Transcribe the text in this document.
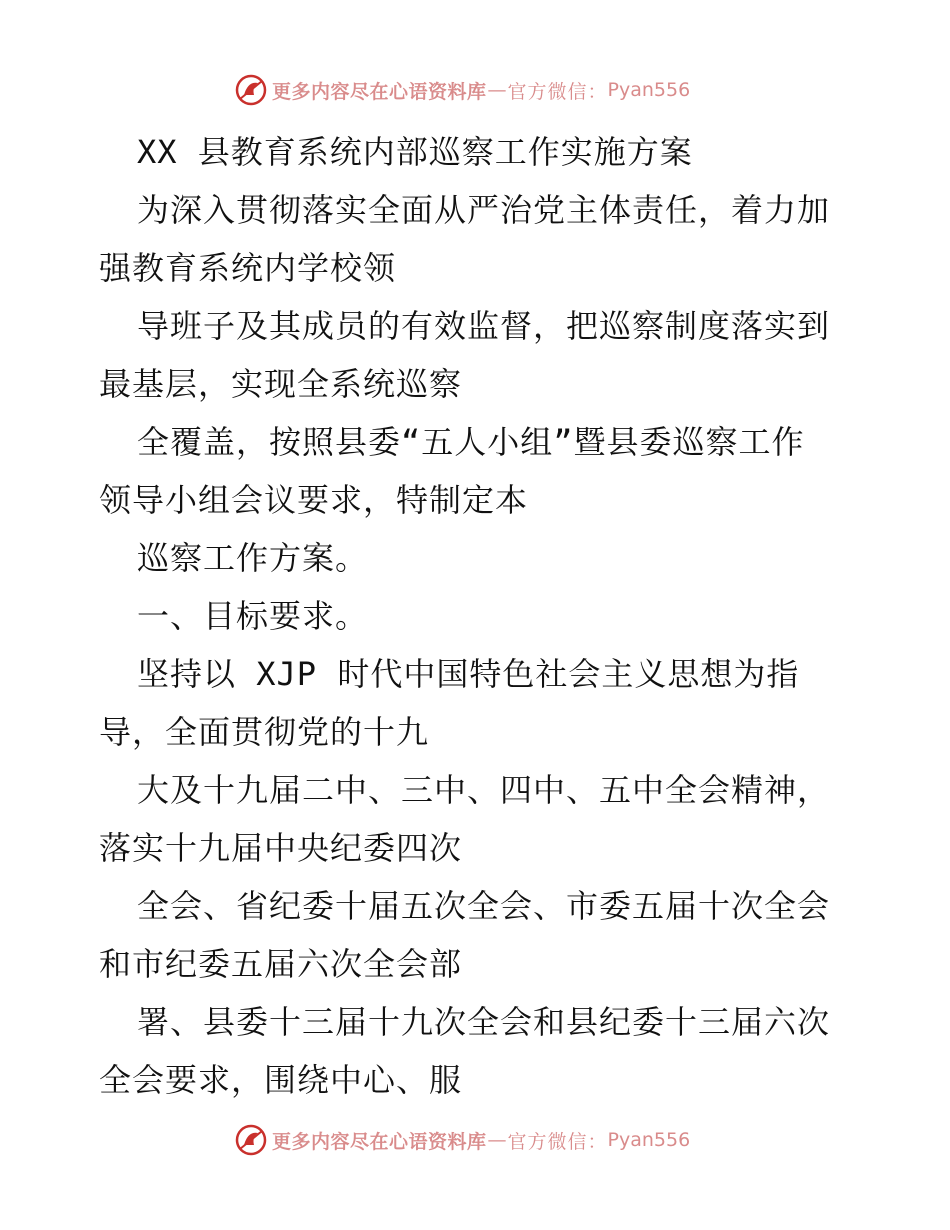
更多内容尽在心语资料库 — 官方微信： Pyan556
XX 县教育系统内部巡察工作实施方案
为深入贯彻落实全面从严治党主体责任，着力加
强教育系统内学校领
导班子及其成员的有效监督，把巡察制度落实到
最基层，实现全系统巡察
全覆盖，按照县委“五人小组”暨县委巡察工作
领导小组会议要求，特制定本
巡察工作方案。
一、目标要求。
坚持以 XJP 时代中国特色社会主义思想为指
导，全面贯彻党的十九
大及十九届二中、三中、四中、五中全会精神，
落实十九届中央纪委四次
全会、省纪委十届五次全会、市委五届十次全会
和市纪委五届六次全会部
署、县委十三届十九次全会和县纪委十三届六次
全会要求，围绕中心、服
更多内容尽在心语资料库 — 官方微信： Pyan556
